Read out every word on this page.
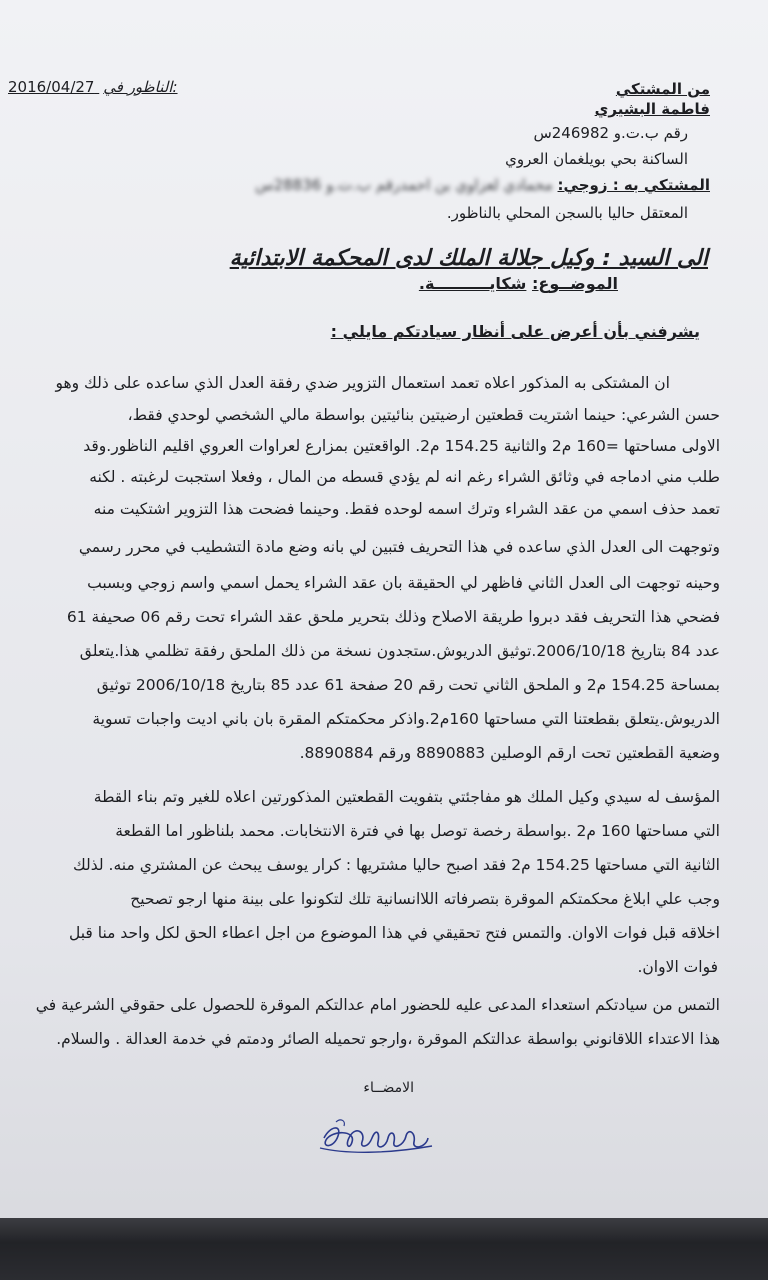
2016/04/27 الناظور في:	من المشتكي
فاطمة البشيري
رقم ب.ت.و 246982س
الساكنة بحي بويلغمان العروي
المشتكي به : زوجي: محمادي لعزاوي بن احمدرقم ب.ت.و 28836س
المعتقل حاليا بالسجن المحلي بالناظور.
الى السيد : وكيل جلالة الملك لدى المحكمة الابتدائية
الموضــوع: شكايــــــــــة.
يشرفني بأن أعرض على أنظار سيادتكم مايلي :
ان المشتكى به المذكور اعلاه تعمد استعمال التزوير ضدي رفقة العدل الذي ساعده على ذلك وهو
حسن الشرعي: حينما اشتريت قطعتين ارضيتين بنائيتين بواسطة مالي الشخصي لوحدي فقط،
الاولى مساحتها =160 م2 والثانية 154.25 م2. الواقعتين بمزارع لعراوات العروي اقليم الناظور.وقد
طلب مني ادماجه في وثائق الشراء رغم انه لم يؤدي قسطه من المال ، وفعلا استجبت لرغبته . لكنه
تعمد حذف اسمي من عقد الشراء وترك اسمه لوحده فقط. وحينما فضحت هذا التزوير اشتكيت منه
وتوجهت الى العدل الذي ساعده في هذا التحريف فتبين لي بانه وضع مادة التشطيب في محرر رسمي
وحينه توجهت الى العدل الثاني فاظهر لي الحقيقة بان عقد الشراء يحمل اسمي واسم زوجي وبسبب
فضحي هذا التحريف فقد دبروا طريقة الاصلاح وذلك بتحرير ملحق عقد الشراء تحت رقم 06 صحيفة 61
عدد 84 بتاريخ 2006/10/18.توثيق الدريوش.ستجدون نسخة من ذلك الملحق رفقة تظلمي هذا.يتعلق
بمساحة 154.25 م2 و الملحق الثاني تحت رقم 20 صفحة 61 عدد 85 بتاريخ 2006/10/18 توثيق
الدريوش.يتعلق بقطعتنا التي مساحتها 160م2.واذكر محكمتكم المقرة بان باني اديت واجبات تسوية
وضعية القطعتين تحت ارقم الوصلين 8890883 ورقم 8890884.
المؤسف له سيدي وكيل الملك هو مفاجئتي بتفويت القطعتين المذكورتين اعلاه للغير وتم بناء القطة
التي مساحتها 160 م2 .بواسطة رخصة توصل بها في فترة الانتخابات. محمد بلناظور اما القطعة
الثانية التي مساحتها 154.25 م2 فقد اصبح حاليا مشتريها : كرار يوسف يبحث عن المشتري منه. لذلك
وجب علي ابلاغ محكمتكم الموقرة بتصرفاته اللاانسانية تلك لتكونوا على بينة منها ارجو تصحيح
اخلاقه قبل فوات الاوان. والتمس فتح تحقيقي في هذا الموضوع من اجل اعطاء الحق لكل واحد منا قبل
فوات الاوان.
التمس من سيادتكم استعداء المدعى عليه للحضور امام عدالتكم الموقرة للحصول على حقوقي الشرعية في
هذا الاعتداء اللاقانوني بواسطة عدالتكم الموقرة ،وارجو تحميله الصائر ودمتم في خدمة العدالة . والسلام.
الامضــاء
